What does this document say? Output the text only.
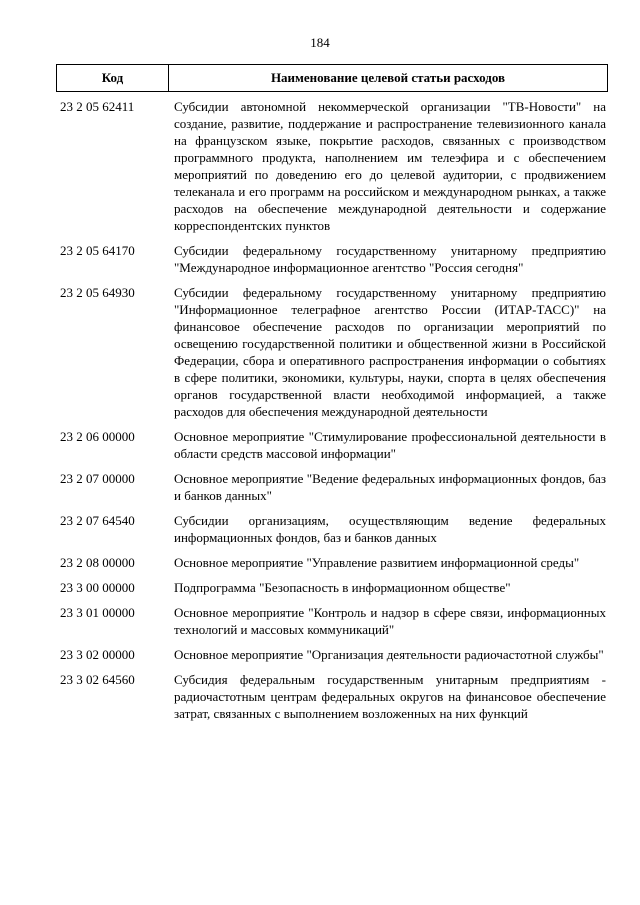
184
Код	Наименование целевой статьи расходов
23 2 05 62411	Субсидии автономной некоммерческой организации "ТВ-Новости" на создание, развитие, поддержание и распространение телевизионного канала на французском языке, покрытие расходов, связанных с производством программного продукта, наполнением им телеэфира и с обеспечением мероприятий по доведению его до целевой аудитории, с продвижением телеканала и его программ на российском и международном рынках, а также расходов на обеспечение международной деятельности и содержание корреспондентских пунктов
23 2 05 64170	Субсидии федеральному государственному унитарному предприятию "Международное информационное агентство "Россия сегодня"
23 2 05 64930	Субсидии федеральному государственному унитарному предприятию "Информационное телеграфное агентство России (ИТАР-ТАСС)" на финансовое обеспечение расходов по организации мероприятий по освещению государственной политики и общественной жизни в Российской Федерации, сбора и оперативного распространения информации о событиях в сфере политики, экономики, культуры, науки, спорта в целях обеспечения органов государственной власти необходимой информацией, а также расходов для обеспечения международной деятельности
23 2 06 00000	Основное мероприятие "Стимулирование профессиональной деятельности в области средств массовой информации"
23 2 07 00000	Основное мероприятие "Ведение федеральных информационных фондов, баз и банков данных"
23 2 07 64540	Субсидии организациям, осуществляющим ведение федеральных информационных фондов, баз и банков данных
23 2 08 00000	Основное мероприятие "Управление развитием информационной среды"
23 3 00 00000	Подпрограмма "Безопасность в информационном обществе"
23 3 01 00000	Основное мероприятие "Контроль и надзор в сфере связи, информационных технологий и массовых коммуникаций"
23 3 02 00000	Основное мероприятие "Организация деятельности радиочастотной службы"
23 3 02 64560	Субсидия федеральным государственным унитарным предприятиям - радиочастотным центрам федеральных округов на финансовое обеспечение затрат, связанных с выполнением возложенных на них функций
